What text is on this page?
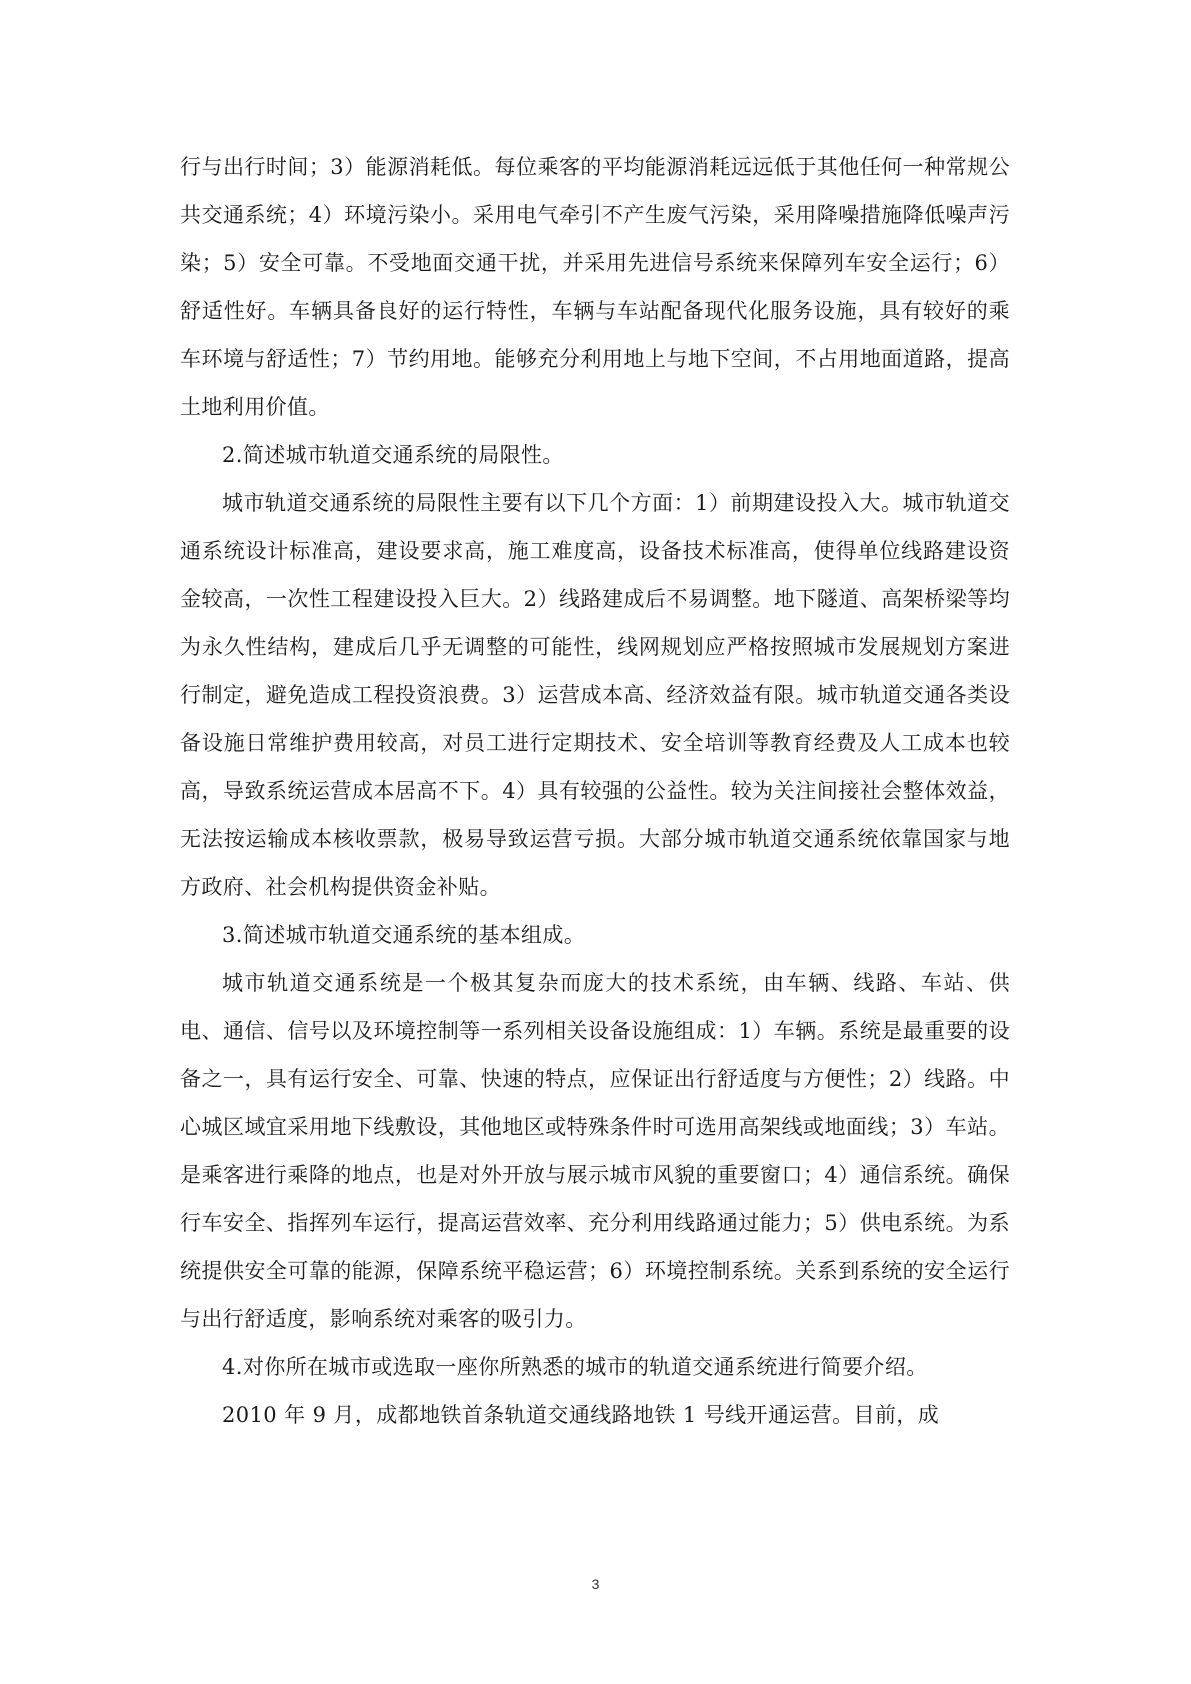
行与出行时间；3）能源消耗低。每位乘客的平均能源消耗远远低于其他任何一种常规公共交通系统；4）环境污染小。采用电气牵引不产生废气污染，采用降噪措施降低噪声污染；5）安全可靠。不受地面交通干扰，并采用先进信号系统来保障列车安全运行；6）舒适性好。车辆具备良好的运行特性，车辆与车站配备现代化服务设施，具有较好的乘车环境与舒适性；7）节约用地。能够充分利用地上与地下空间，不占用地面道路，提高土地利用价值。

2.简述城市轨道交通系统的局限性。

城市轨道交通系统的局限性主要有以下几个方面：1）前期建设投入大。城市轨道交通系统设计标准高，建设要求高，施工难度高，设备技术标准高，使得单位线路建设资金较高，一次性工程建设投入巨大。2）线路建成后不易调整。地下隧道、高架桥梁等均为永久性结构，建成后几乎无调整的可能性，线网规划应严格按照城市发展规划方案进行制定，避免造成工程投资浪费。3）运营成本高、经济效益有限。城市轨道交通各类设备设施日常维护费用较高，对员工进行定期技术、安全培训等教育经费及人工成本也较高，导致系统运营成本居高不下。4）具有较强的公益性。较为关注间接社会整体效益，无法按运输成本核收票款，极易导致运营亏损。大部分城市轨道交通系统依靠国家与地方政府、社会机构提供资金补贴。

3.简述城市轨道交通系统的基本组成。

城市轨道交通系统是一个极其复杂而庞大的技术系统，由车辆、线路、车站、供电、通信、信号以及环境控制等一系列相关设备设施组成：1）车辆。系统是最重要的设备之一，具有运行安全、可靠、快速的特点，应保证出行舒适度与方便性；2）线路。中心城区域宜采用地下线敷设，其他地区或特殊条件时可选用高架线或地面线；3）车站。是乘客进行乘降的地点，也是对外开放与展示城市风貌的重要窗口；4）通信系统。确保行车安全、指挥列车运行，提高运营效率、充分利用线路通过能力；5）供电系统。为系统提供安全可靠的能源，保障系统平稳运营；6）环境控制系统。关系到系统的安全运行与出行舒适度，影响系统对乘客的吸引力。

4.对你所在城市或选取一座你所熟悉的城市的轨道交通系统进行简要介绍。

2010 年 9 月，成都地铁首条轨道交通线路地铁 1 号线开通运营。目前，成

3
